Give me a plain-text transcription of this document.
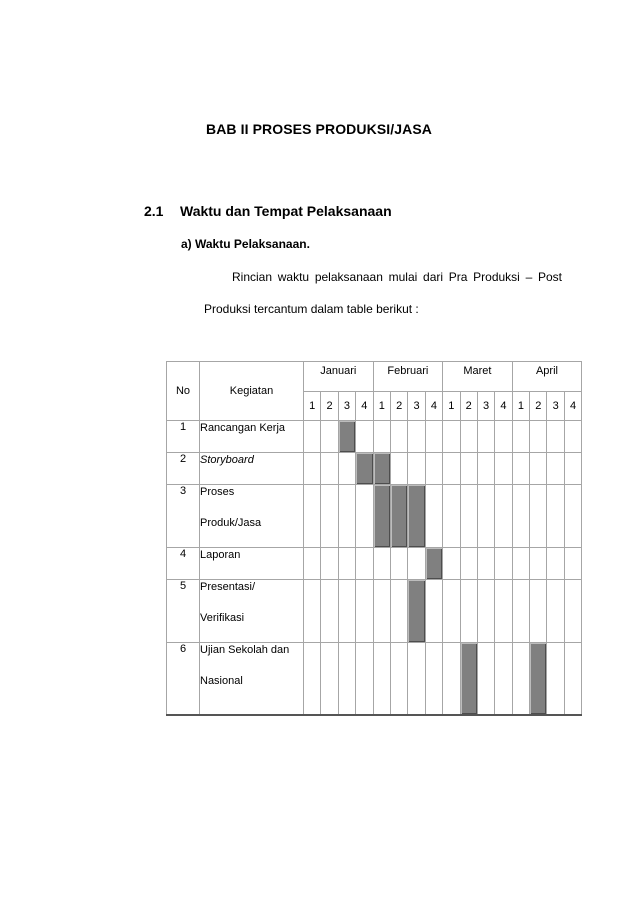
BAB II PROSES PRODUKSI/JASA
2.1 Waktu dan Tempat Pelaksanaan
a) Waktu Pelaksanaan.
Rincian waktu pelaksanaan mulai dari Pra Produksi – Post
Produksi tercantum dalam table berikut :
No	Kegiatan	Januari				Februari				Maret				April			
		1	2	3	4	1	2	3	4	1	2	3	4	1	2	3	4
1	Rancangan Kerja																

2	Storyboard																

3	Proses
Produk/Jasa																

4	Laporan																

5	Presentasi/
Verifikasi																

6	Ujian Sekolah dan
Nasional																
